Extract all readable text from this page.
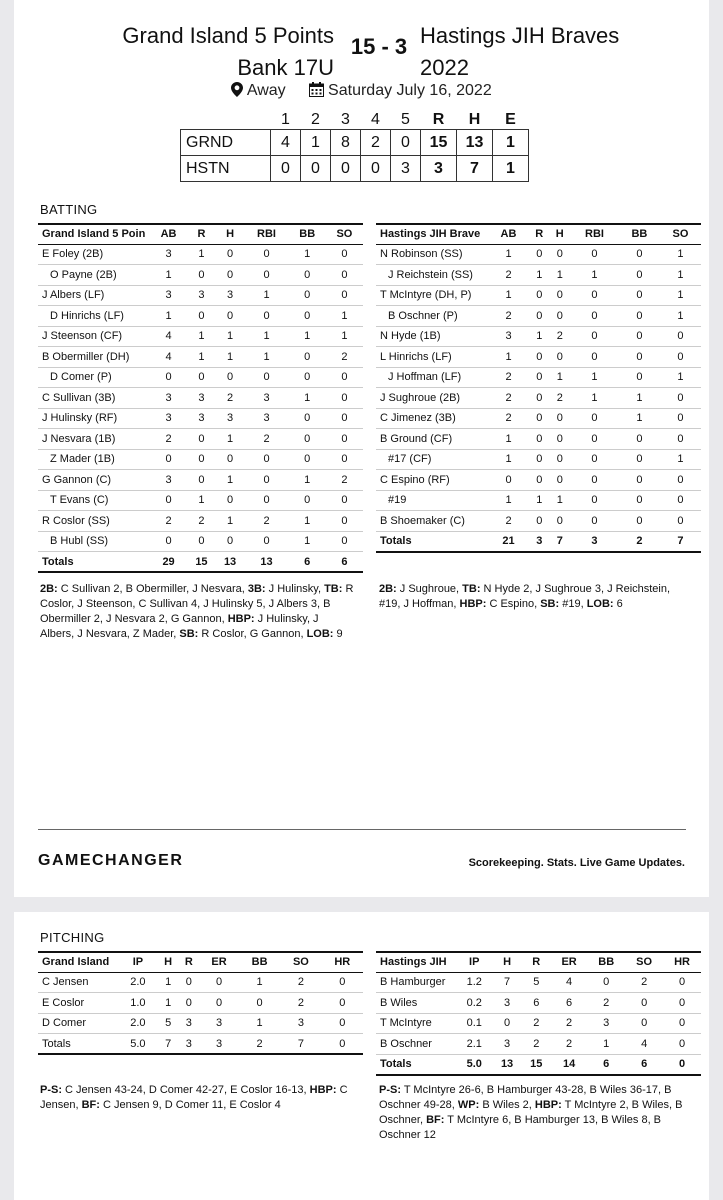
Grand Island 5 Points
Bank 17U
15 - 3 Hastings JIH Braves
2022
Away	Saturday July 16, 2022
	1	2	3	4	5	R	H	E
GRND	4	1	8	2	0	15	13	1
HSTN	0	0	0	0	3	3	7	1
BATTING
Grand Island 5 Poin	AB	R	H	RBI	BB	SO
E Foley (2B)	3	1	0	0	1	0
O Payne (2B)	1	0	0	0	0	0
J Albers (LF)	3	3	3	1	0	0
D Hinrichs (LF)	1	0	0	0	0	1
J Steenson (CF)	4	1	1	1	1	1
B Obermiller (DH)	4	1	1	1	0	2
D Comer (P)	0	0	0	0	0	0
C Sullivan (3B)	3	3	2	3	1	0
J Hulinsky (RF)	3	3	3	3	0	0
J Nesvara (1B)	2	0	1	2	0	0
Z Mader (1B)	0	0	0	0	0	0
G Gannon (C)	3	0	1	0	1	2
T Evans (C)	0	1	0	0	0	0
R Coslor (SS)	2	2	1	2	1	0
B Hubl (SS)	0	0	0	0	1	0
Totals	29	15	13	13	6	6
Hastings JIH Brave	AB	R	H	RBI	BB	SO
N Robinson (SS)	1	0	0	0	0	1
J Reichstein (SS)	2	1	1	1	0	1
T McIntyre (DH, P)	1	0	0	0	0	1
B Oschner (P)	2	0	0	0	0	1
N Hyde (1B)	3	1	2	0	0	0
L Hinrichs (LF)	1	0	0	0	0	0
J Hoffman (LF)	2	0	1	1	0	1
J Sughroue (2B)	2	0	2	1	1	0
C Jimenez (3B)	2	0	0	0	1	0
B Ground (CF)	1	0	0	0	0	0
#17 (CF)	1	0	0	0	0	1
C Espino (RF)	0	0	0	0	0	0
#19	1	1	1	0	0	0
B Shoemaker (C)	2	0	0	0	0	0
Totals	21	3	7	3	2	7
2B: C Sullivan 2, B Obermiller, J Nesvara, 3B: J Hulinsky, TB: R Coslor, J Steenson, C Sullivan 4, J Hulinsky 5, J Albers 3, B Obermiller 2, J Nesvara 2, G Gannon, HBP: J Hulinsky, J Albers, J Nesvara, Z Mader, SB: R Coslor, G Gannon, LOB: 9
2B: J Sughroue, TB: N Hyde 2, J Sughroue 3, J Reichstein, #19, J Hoffman, HBP: C Espino, SB: #19, LOB: 6
GAMECHANGER	Scorekeeping. Stats. Live Game Updates.
PITCHING
Grand Island	IP	H	R	ER	BB	SO	HR
C Jensen	2.0	1	0	0	1	2	0
E Coslor	1.0	1	0	0	0	2	0
D Comer	2.0	5	3	3	1	3	0
Totals	5.0	7	3	3	2	7	0
Hastings JIH	IP	H	R	ER	BB	SO	HR
B Hamburger	1.2	7	5	4	0	2	0
B Wiles	0.2	3	6	6	2	0	0
T McIntyre	0.1	0	2	2	3	0	0
B Oschner	2.1	3	2	2	1	4	0
Totals	5.0	13	15	14	6	6	0
P-S: C Jensen 43-24, D Comer 42-27, E Coslor 16-13, HBP: C Jensen, BF: C Jensen 9, D Comer 11, E Coslor 4
P-S: T McIntyre 26-6, B Hamburger 43-28, B Wiles 36-17, B Oschner 49-28, WP: B Wiles 2, HBP: T McIntyre 2, B Wiles, B Oschner, BF: T McIntyre 6, B Hamburger 13, B Wiles 8, B Oschner 12
